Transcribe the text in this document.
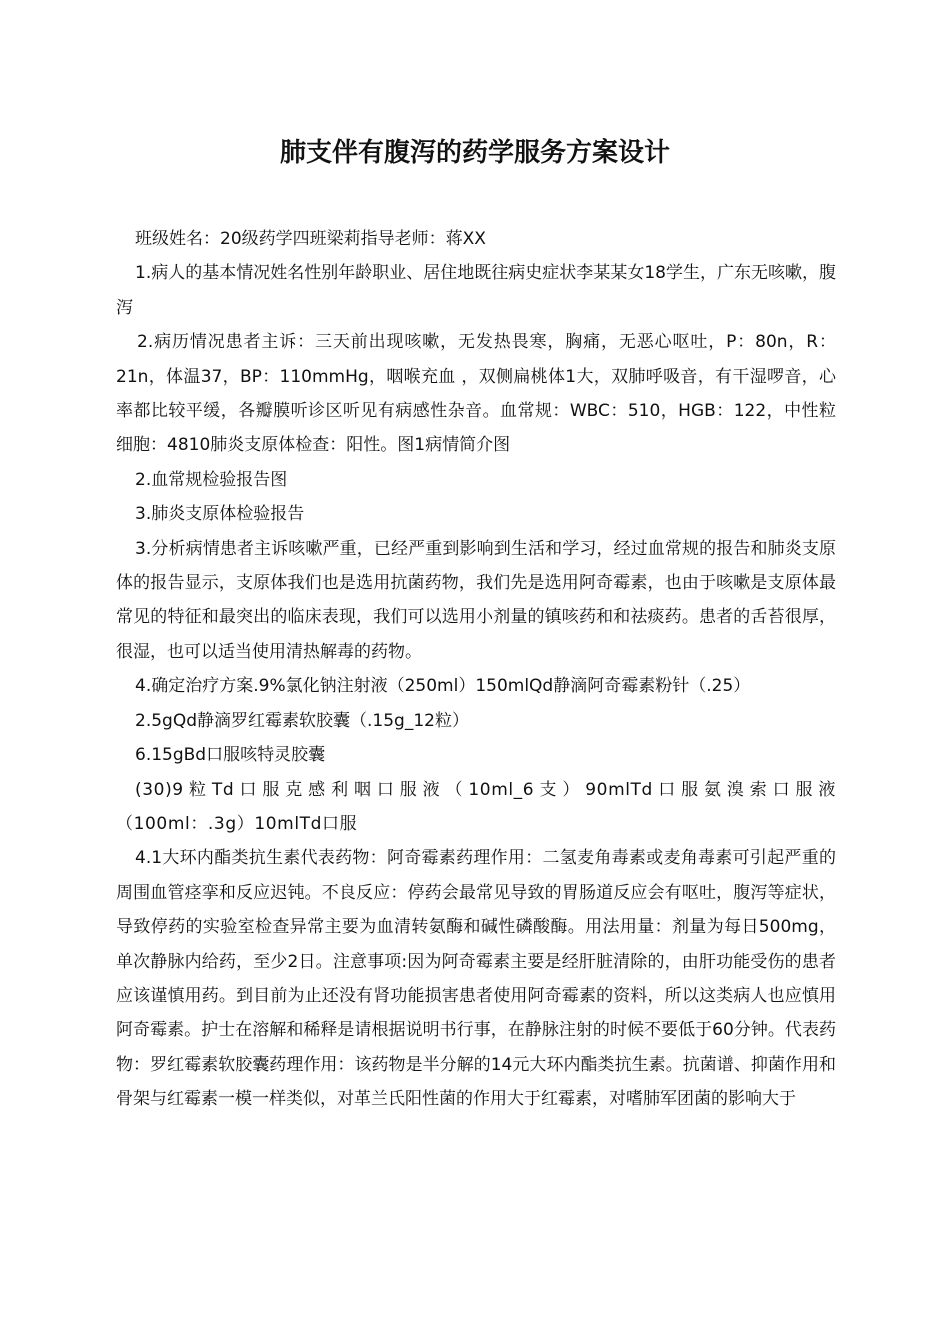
肺支伴有腹泻的药学服务方案设计

班级姓名：20级药学四班梁莉指导老师：蒋XX

1.病人的基本情况姓名性别年龄职业、居住地既往病史症状李某某女18学生，广东无咳嗽，腹泻

2.病历情况患者主诉：三天前出现咳嗽，无发热畏寒，胸痛，无恶心呕吐，P：80n，R：21n，体温37，BP：110mmHg，咽喉充血 ，双侧扁桃体1大，双肺呼吸音，有干湿啰音，心率都比较平缓，各瓣膜听诊区听见有病感性杂音。血常规：WBC：510，HGB：122，中性粒细胞：4810肺炎支原体检查：阳性。图1病情简介图

2.血常规检验报告图

3.肺炎支原体检验报告

3.分析病情患者主诉咳嗽严重，已经严重到影响到生活和学习，经过血常规的报告和肺炎支原体的报告显示，支原体我们也是选用抗菌药物，我们先是选用阿奇霉素，也由于咳嗽是支原体最常见的特征和最突出的临床表现，我们可以选用小剂量的镇咳药和和祛痰药。患者的舌苔很厚，很湿，也可以适当使用清热解毒的药物。

4.确定治疗方案.9%氯化钠注射液（250ml）150mlQd静滴阿奇霉素粉针（.25）

2.5gQd静滴罗红霉素软胶囊（.15g_12粒）

6.15gBd口服咳特灵胶囊

(30)9粒Td口服克感利咽口服液（10ml_6支）90mlTd口服氨溴索口服液（100ml：.3g）10mlTd口服

4.1大环内酯类抗生素代表药物：阿奇霉素药理作用：二氢麦角毒素或麦角毒素可引起严重的周围血管痉挛和反应迟钝。不良反应：停药会最常见导致的胃肠道反应会有呕吐，腹泻等症状，导致停药的实验室检查异常主要为血清转氨酶和碱性磷酸酶。用法用量：剂量为每日500mg，单次静脉内给药，至少2日。注意事项:因为阿奇霉素主要是经肝脏清除的，由肝功能受伤的患者应该谨慎用药。到目前为止还没有肾功能损害患者使用阿奇霉素的资料，所以这类病人也应慎用阿奇霉素。护士在溶解和稀释是请根据说明书行事，在静脉注射的时候不要低于60分钟。代表药物：罗红霉素软胶囊药理作用：该药物是半分解的14元大环内酯类抗生素。抗菌谱、抑菌作用和骨架与红霉素一模一样类似，对革兰氏阳性菌的作用大于红霉素，对嗜肺军团菌的影响大于
